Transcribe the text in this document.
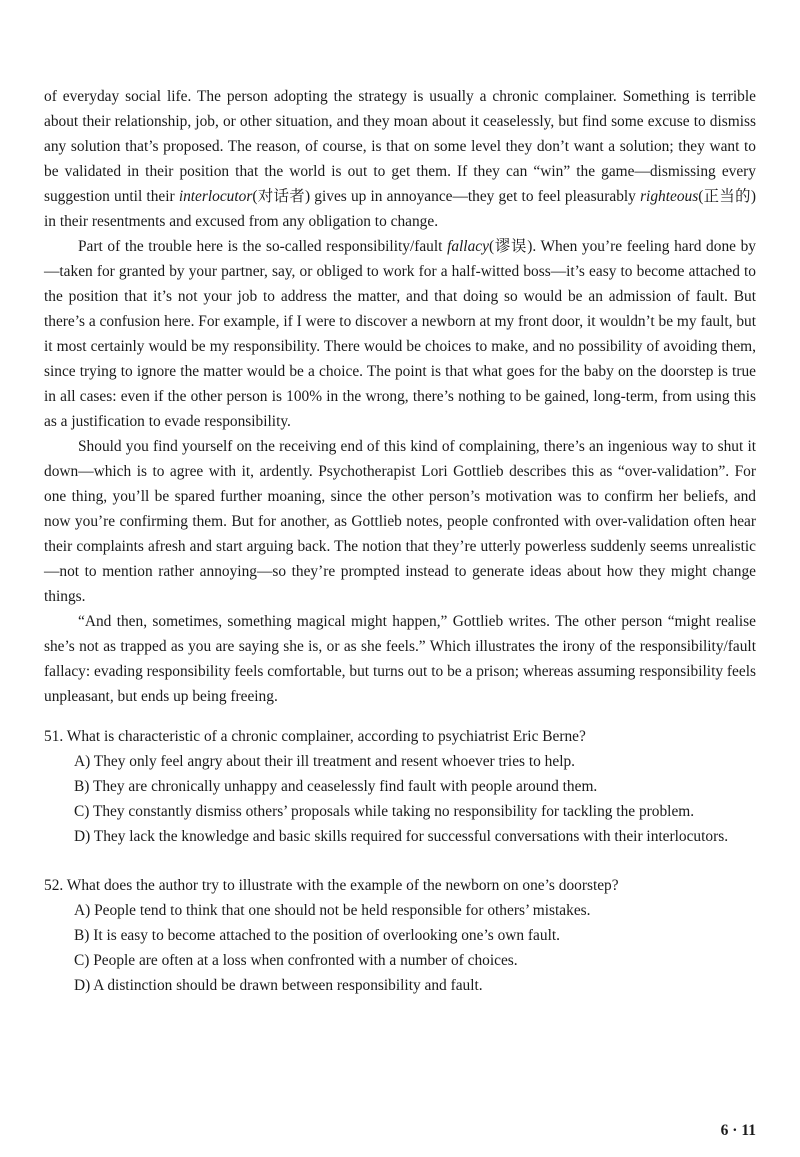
of everyday social life. The person adopting the strategy is usually a chronic complainer. Something is terrible about their relationship, job, or other situation, and they moan about it ceaselessly, but find some excuse to dismiss any solution that’s proposed. The reason, of course, is that on some level they don’t want a solution; they want to be validated in their position that the world is out to get them. If they can “win” the game—dismissing every suggestion until their interlocutor(对话者) gives up in annoyance—they get to feel pleasurably righteous(正当的) in their resentments and excused from any obligation to change.

Part of the trouble here is the so-called responsibility/fault fallacy(谬误). When you’re feeling hard done by—taken for granted by your partner, say, or obliged to work for a half-witted boss—it’s easy to become attached to the position that it’s not your job to address the matter, and that doing so would be an admission of fault. But there’s a confusion here. For example, if I were to discover a newborn at my front door, it wouldn’t be my fault, but it most certainly would be my responsibility. There would be choices to make, and no possibility of avoiding them, since trying to ignore the matter would be a choice. The point is that what goes for the baby on the doorstep is true in all cases: even if the other person is 100% in the wrong, there’s nothing to be gained, long-term, from using this as a justification to evade responsibility.

Should you find yourself on the receiving end of this kind of complaining, there’s an ingenious way to shut it down—which is to agree with it, ardently. Psychotherapist Lori Gottlieb describes this as “over-validation”. For one thing, you’ll be spared further moaning, since the other person’s motivation was to confirm her beliefs, and now you’re confirming them. But for another, as Gottlieb notes, people confronted with over-validation often hear their complaints afresh and start arguing back. The notion that they’re utterly powerless suddenly seems unrealistic—not to mention rather annoying—so they’re prompted instead to generate ideas about how they might change things.

“And then, sometimes, something magical might happen,” Gottlieb writes. The other person “might realise she’s not as trapped as you are saying she is, or as she feels.” Which illustrates the irony of the responsibility/fault fallacy: evading responsibility feels comfortable, but turns out to be a prison; whereas assuming responsibility feels unpleasant, but ends up being freeing.

51. What is characteristic of a chronic complainer, according to psychiatrist Eric Berne?

A) They only feel angry about their ill treatment and resent whoever tries to help.

B) They are chronically unhappy and ceaselessly find fault with people around them.

C) They constantly dismiss others’ proposals while taking no responsibility for tackling the problem.

D) They lack the knowledge and basic skills required for successful conversations with their interlocutors.

52. What does the author try to illustrate with the example of the newborn on one’s doorstep?

A) People tend to think that one should not be held responsible for others’ mistakes.

B) It is easy to become attached to the position of overlooking one’s own fault.

C) People are often at a loss when confronted with a number of choices.

D) A distinction should be drawn between responsibility and fault.

6 · 11
